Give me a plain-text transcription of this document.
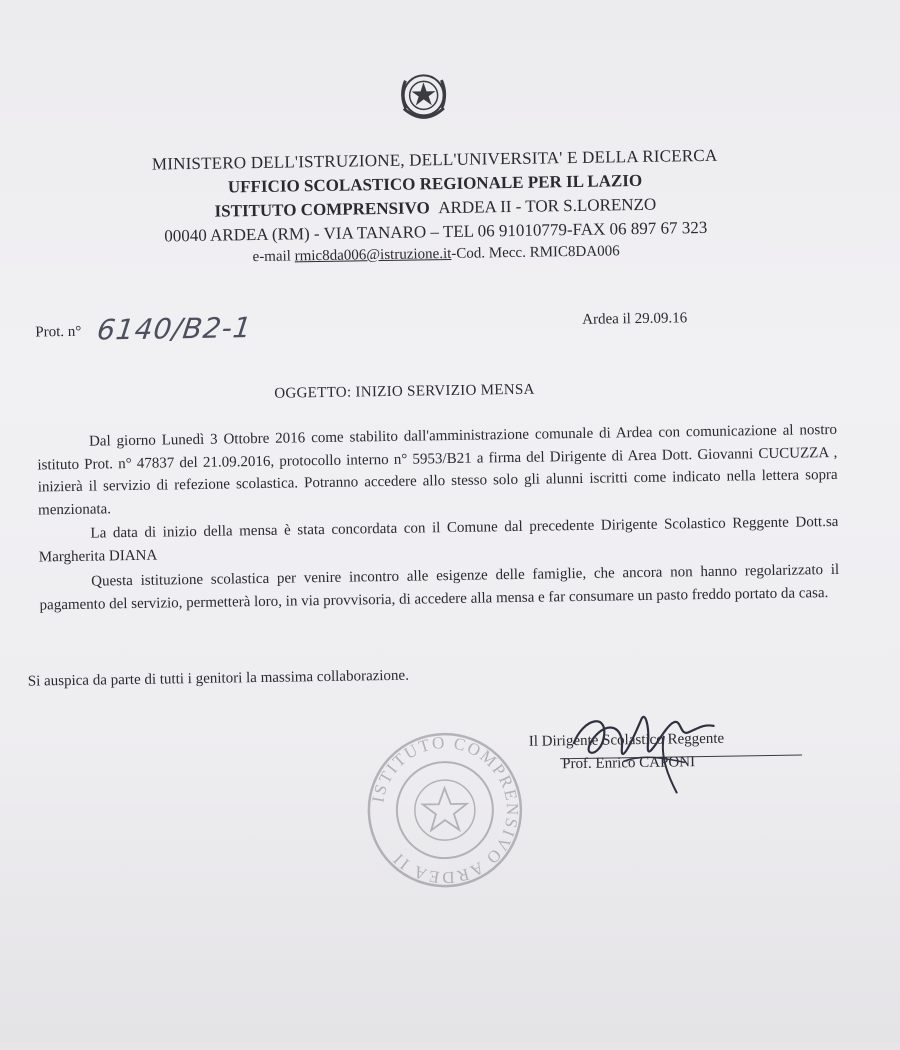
MINISTERO DELL'ISTRUZIONE, DELL'UNIVERSITA' E DELLA RICERCA
UFFICIO SCOLASTICO REGIONALE PER IL LAZIO
ISTITUTO COMPRENSIVO ARDEA II - TOR S.LORENZO
00040 ARDEA (RM) - VIA TANARO – TEL 06 91010779-FAX 06 897 67 323
e-mail rmic8da006@istruzione.it-Cod. Mecc. RMIC8DA006
Prot. n° 6140/B2-1	Ardea il 29.09.16
OGGETTO: INIZIO SERVIZIO MENSA

Dal giorno Lunedì 3 Ottobre 2016 come stabilito dall'amministrazione comunale di Ardea con comunicazione al nostro istituto Prot. n° 47837 del 21.09.2016, protocollo interno n° 5953/B21 a firma del Dirigente di Area Dott. Giovanni CUCUZZA , inizierà il servizio di refezione scolastica. Potranno accedere allo stesso solo gli alunni iscritti come indicato nella lettera sopra menzionata.

La data di inizio della mensa è stata concordata con il Comune dal precedente Dirigente Scolastico Reggente Dott.sa Margherita DIANA

Questa istituzione scolastica per venire incontro alle esigenze delle famiglie, che ancora non hanno regolarizzato il pagamento del servizio, permetterà loro, in via provvisoria, di accedere alla mensa e far consumare un pasto freddo portato da casa.

Si auspica da parte di tutti i genitori la massima collaborazione.

Il Dirigente Scolastico Reggente
Prof. Enrico CAPONI
ISTITUTO COMPRENSIVO ARDEA II
